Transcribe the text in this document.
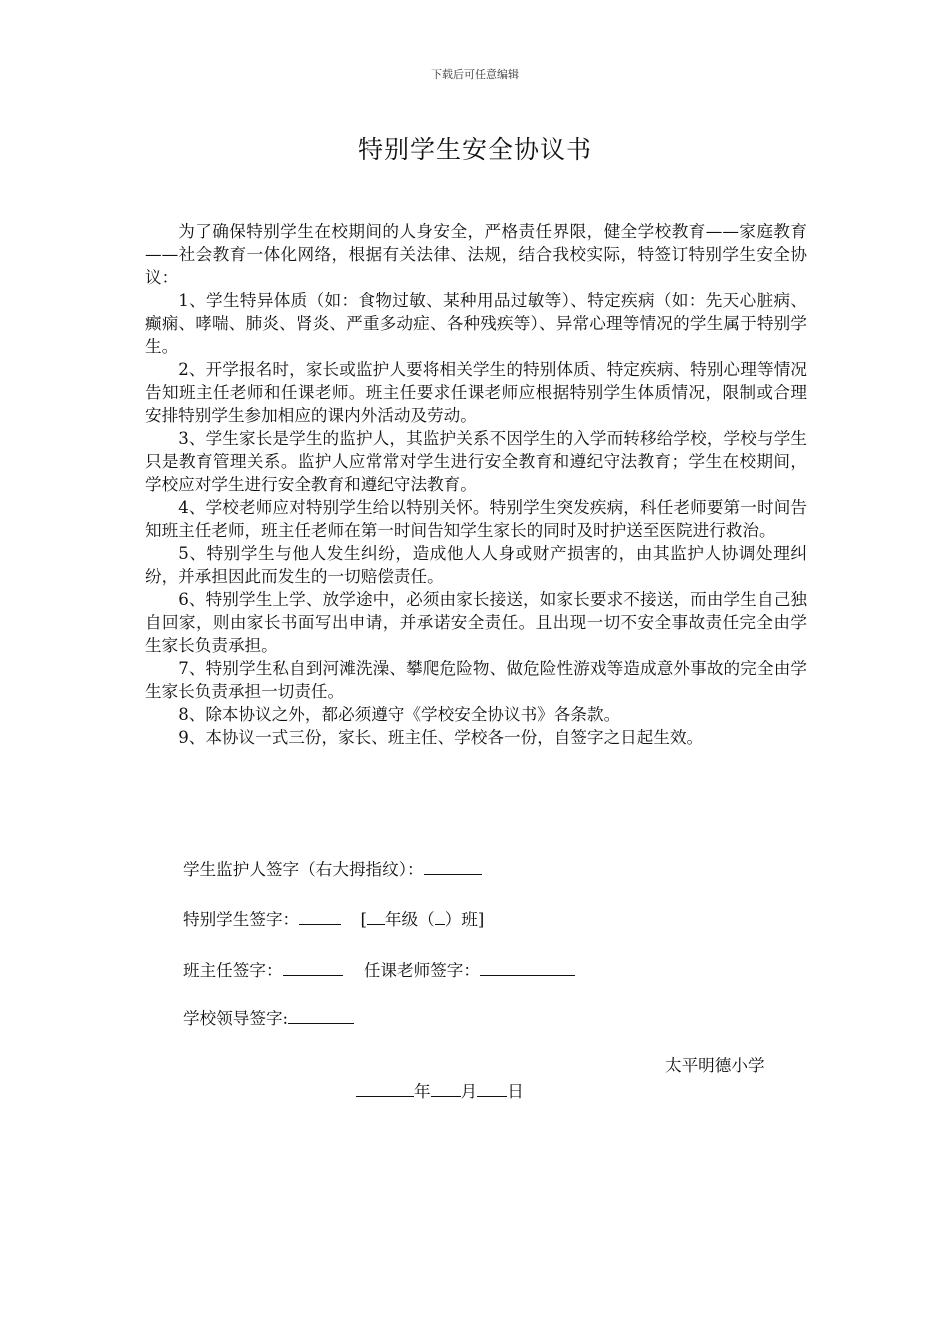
下载后可任意编辑
特别学生安全协议书

为了确保特别学生在校期间的人身安全，严格责任界限，健全学校教育——家庭教育——社会教育一体化网络，根据有关法律、法规，结合我校实际，特签订特别学生安全协议：

1、学生特异体质（如：食物过敏、某种用品过敏等）、特定疾病（如：先天心脏病、癫痫、哮喘、肺炎、肾炎、严重多动症、各种残疾等）、异常心理等情况的学生属于特别学生。

2、开学报名时，家长或监护人要将相关学生的特别体质、特定疾病、特别心理等情况告知班主任老师和任课老师。班主任要求任课老师应根据特别学生体质情况，限制或合理安排特别学生参加相应的课内外活动及劳动。

3、学生家长是学生的监护人，其监护关系不因学生的入学而转移给学校，学校与学生只是教育管理关系。监护人应常常对学生进行安全教育和遵纪守法教育；学生在校期间，学校应对学生进行安全教育和遵纪守法教育。

4、学校老师应对特别学生给以特别关怀。特别学生突发疾病，科任老师要第一时间告知班主任老师，班主任老师在第一时间告知学生家长的同时及时护送至医院进行救治。

5、特别学生与他人发生纠纷，造成他人人身或财产损害的，由其监护人协调处理纠纷，并承担因此而发生的一切赔偿责任。

6、特别学生上学、放学途中，必须由家长接送，如家长要求不接送，而由学生自己独自回家，则由家长书面写出申请，并承诺安全责任。且出现一切不安全事故责任完全由学生家长负责承担。

7、特别学生私自到河滩洗澡、攀爬危险物、做危险性游戏等造成意外事故的完全由学生家长负责承担一切责任。

8、除本协议之外，都必须遵守《学校安全协议书》各条款。

9、本协议一式三份，家长、班主任、学校各一份，自签字之日起生效。

学生监护人签字（右大拇指纹）：
特别学生签字：	[ 年级（ ）班]
班主任签字：	任课老师签字：
学校领导签字:
太平明德小学
年 月 日
